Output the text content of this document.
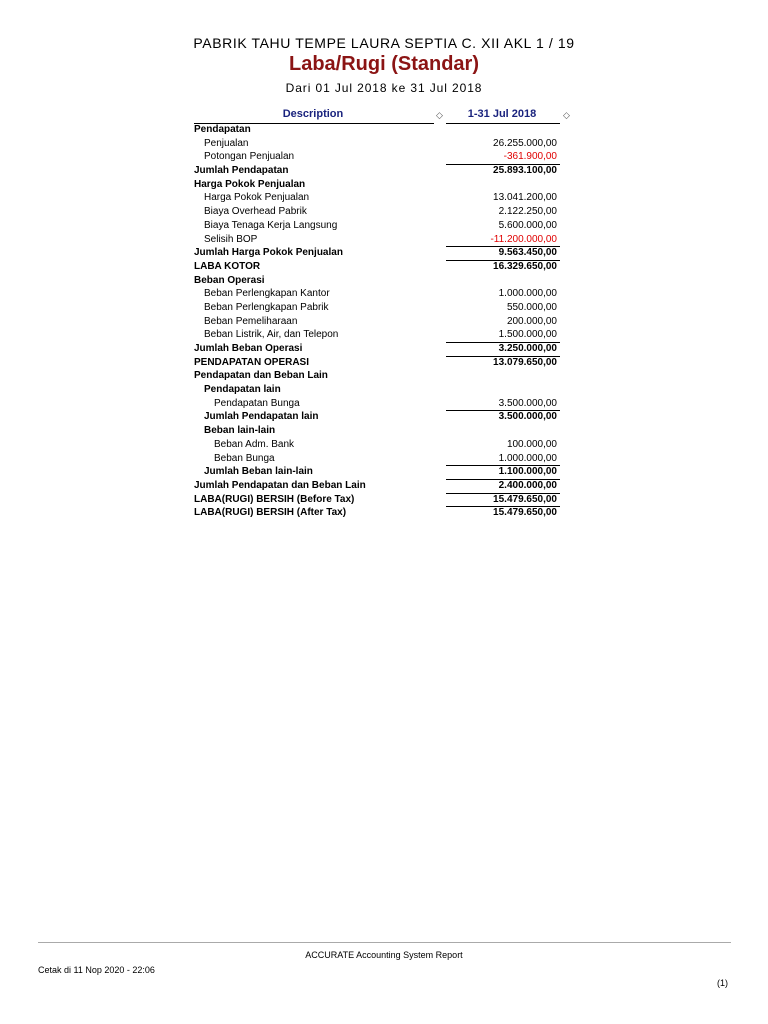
PABRIK TAHU TEMPE LAURA SEPTIA C. XII AKL 1 / 19
Laba/Rugi (Standar)
Dari 01 Jul 2018 ke 31 Jul 2018
Description	◇	1-31 Jul 2018	◇
Pendapatan
Penjualan	26.255.000,00
Potongan Penjualan	-361.900,00
Jumlah Pendapatan	25.893.100,00
Harga Pokok Penjualan
Harga Pokok Penjualan	13.041.200,00
Biaya Overhead Pabrik	2.122.250,00
Biaya Tenaga Kerja Langsung	5.600.000,00
Selisih BOP	-11.200.000,00
Jumlah Harga Pokok Penjualan	9.563.450,00
LABA KOTOR	16.329.650,00
Beban Operasi
Beban Perlengkapan Kantor	1.000.000,00
Beban Perlengkapan Pabrik	550.000,00
Beban Pemeliharaan	200.000,00
Beban Listrik, Air, dan Telepon	1.500.000,00
Jumlah Beban Operasi	3.250.000,00
PENDAPATAN OPERASI	13.079.650,00
Pendapatan dan Beban Lain
Pendapatan lain
Pendapatan Bunga	3.500.000,00
Jumlah Pendapatan lain	3.500.000,00
Beban lain-lain
Beban Adm. Bank	100.000,00
Beban Bunga	1.000.000,00
Jumlah Beban lain-lain	1.100.000,00
Jumlah Pendapatan dan Beban Lain	2.400.000,00
LABA(RUGI) BERSIH (Before Tax)	15.479.650,00
LABA(RUGI) BERSIH (After Tax)	15.479.650,00
ACCURATE Accounting System Report
Cetak di 11 Nop 2020 - 22:06
(1)
